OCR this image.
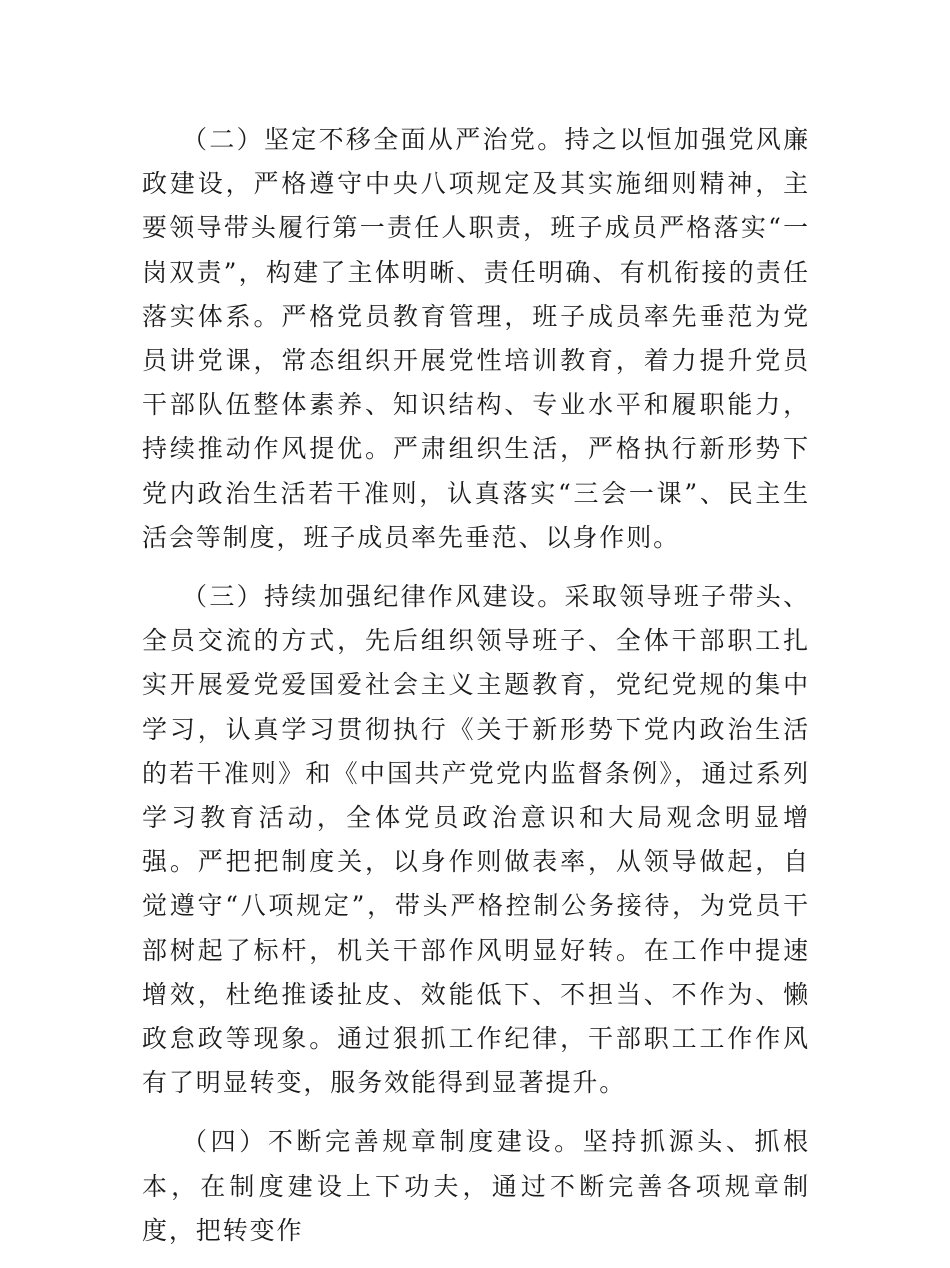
（二）坚定不移全面从严治党。持之以恒加强党风廉政建设，严格遵守中央八项规定及其实施细则精神，主要领导带头履行第一责任人职责，班子成员严格落实“一岗双责”，构建了主体明晰、责任明确、有机衔接的责任落实体系。严格党员教育管理，班子成员率先垂范为党员讲党课，常态组织开展党性培训教育，着力提升党员干部队伍整体素养、知识结构、专业水平和履职能力，持续推动作风提优。严肃组织生活，严格执行新形势下党内政治生活若干准则，认真落实“三会一课”、民主生活会等制度，班子成员率先垂范、以身作则。

（三）持续加强纪律作风建设。采取领导班子带头、全员交流的方式，先后组织领导班子、全体干部职工扎实开展爱党爱国爱社会主义主题教育，党纪党规的集中学习，认真学习贯彻执行《关于新形势下党内政治生活的若干准则》和《中国共产党党内监督条例》，通过系列学习教育活动，全体党员政治意识和大局观念明显增强。严把把制度关，以身作则做表率，从领导做起，自觉遵守“八项规定”，带头严格控制公务接待，为党员干部树起了标杆，机关干部作风明显好转。在工作中提速增效，杜绝推诿扯皮、效能低下、不担当、不作为、懒政怠政等现象。通过狠抓工作纪律，干部职工工作作风有了明显转变，服务效能得到显著提升。

（四）不断完善规章制度建设。坚持抓源头、抓根本，在制度建设上下功夫，通过不断完善各项规章制度，把转变作
